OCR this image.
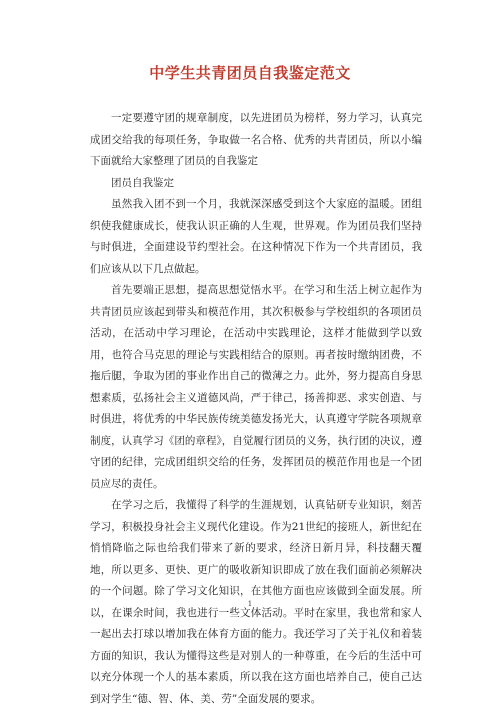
中学生共青团员自我鉴定范文

一定要遵守团的规章制度，以先进团员为榜样，努力学习，认真完成团交给我的每项任务，争取做一名合格、优秀的共青团员，所以小编下面就给大家整理了团员的自我鉴定

团员自我鉴定

虽然我入团不到一个月，我就深深感受到这个大家庭的温暖。团组织使我健康成长，使我认识正确的人生观，世界观。作为团员我们坚持与时俱进，全面建设节约型社会。在这种情况下作为一个共青团员，我们应该从以下几点做起。

首先要端正思想，提高思想觉悟水平。在学习和生活上树立起作为共青团员应该起到带头和模范作用，其次积极参与学校组织的各项团员活动，在活动中学习理论，在活动中实践理论，这样才能做到学以致用，也符合马克思的理论与实践相结合的原则。再者按时缴纳团费，不拖后腿，争取为团的事业作出自己的微薄之力。此外，努力提高自身思想素质，弘扬社会主义道德风尚，严于律己，扬善抑恶、求实创造、与时俱进，将优秀的中华民族传统美德发扬光大，认真遵守学院各项规章制度，认真学习《团的章程》，自觉履行团员的义务，执行团的决议，遵守团的纪律，完成团组织交给的任务，发挥团员的模范作用也是一个团员应尽的责任。

在学习之后，我懂得了科学的生涯规划，认真钻研专业知识，刻苦学习，积极投身社会主义现代化建设。作为21世纪的接班人，新世纪在悄悄降临之际也给我们带来了新的要求，经济日新月异，科技翻天覆地，所以更多、更快、更广的吸收新知识即成了放在我们面前必须解决的一个问题。除了学习文化知识，在其他方面也应该做到全面发展。所以，在课余时间，我也进行一些文体活动。平时在家里，我也常和家人一起出去打球以增加我在体育方面的能力。我还学习了关于礼仪和着装方面的知识，我认为懂得这些是对别人的一种尊重，在今后的生活中可以充分体现一个人的基本素质，所以我在这方面也培养自己，使自己达到对学生“德、智、体、美、劳”全面发展的要求。

1
